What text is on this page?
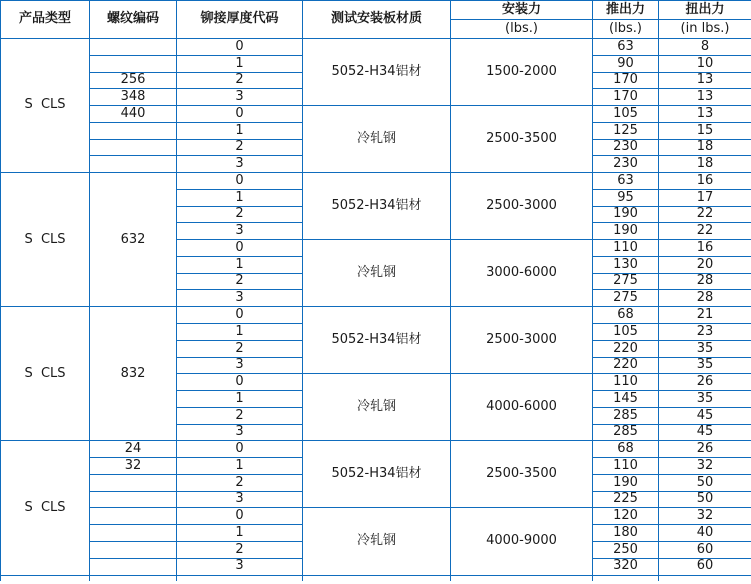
产品类型	螺纹编码	铆接厚度代码	测试安装板材质	安装力	推出力	扭出力
				(lbs.)	(lbs.)	(in lbs.)
S  CLS		0	5052-H34铝材	1500-2000	63	8
		1			90	10
	256	2			170	13
	348	3			170	13
	440	0	冷轧钢	2500-3500	105	13
		1			125	15
		2			230	18
		3			230	18
S  CLS	632	0	5052-H34铝材	2500-3000	63	16
		1			95	17
		2			190	22
		3			190	22
		0	冷轧钢	3000-6000	110	16
		1			130	20
		2			275	28
		3			275	28
S  CLS	832	0	5052-H34铝材	2500-3000	68	21
		1			105	23
		2			220	35
		3			220	35
		0	冷轧钢	4000-6000	110	26
		1			145	35
		2			285	45
		3			285	45
S  CLS	24	0	5052-H34铝材	2500-3500	68	26
	32	1			110	32
		2			190	50
		3			225	50
		0	冷轧钢	4000-9000	120	32
		1			180	40
		2			250	60
		3			320	60
